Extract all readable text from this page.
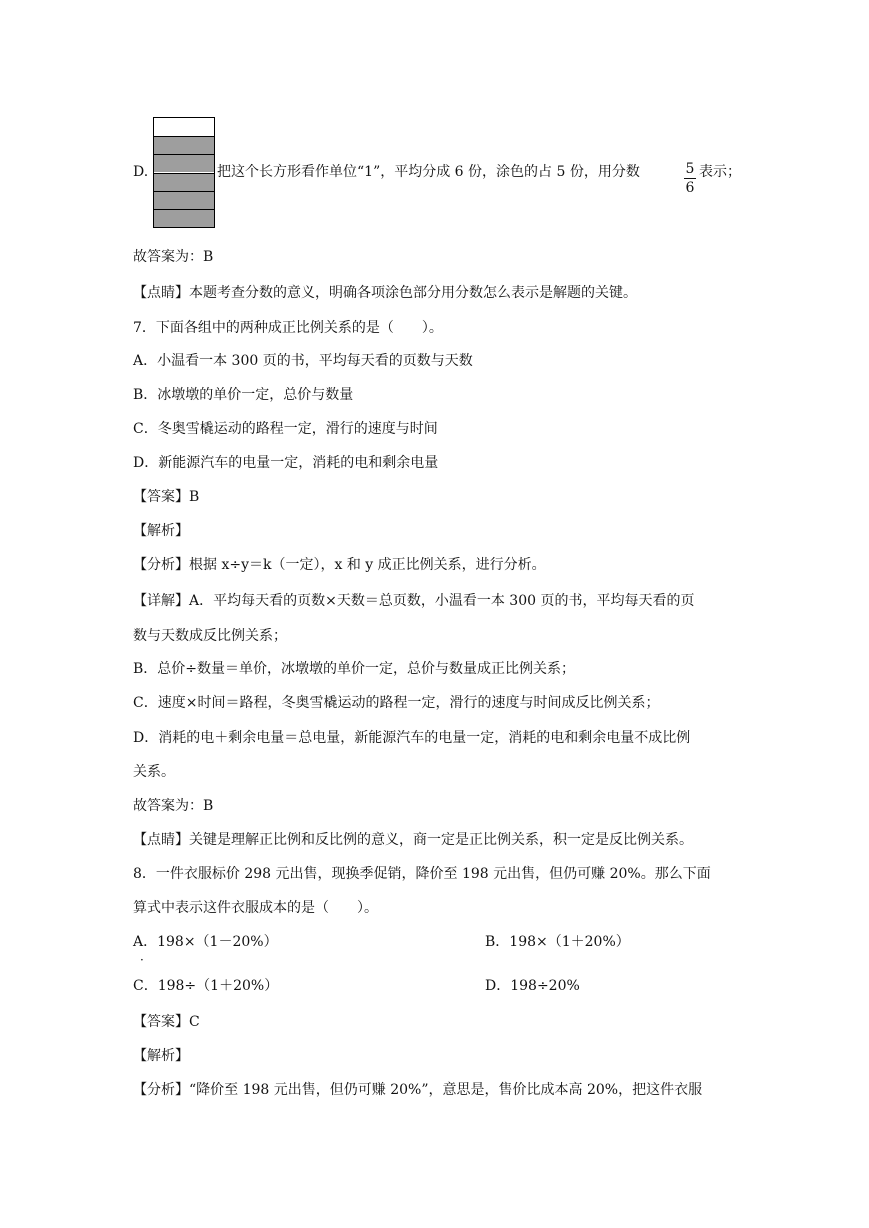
D.	把这个长方形看作单位“1”，平均分成 6 份，涂色的占 5 份，用分数	$\frac{5}{6}$ 表示；
故答案为：B
【点睛】本题考查分数的意义，明确各项涂色部分用分数怎么表示是解题的关键。
7．下面各组中的两种成正比例关系的是（　　）。
A．小温看一本 300 页的书，平均每天看的页数与天数
B．冰墩墩的单价一定，总价与数量
C．冬奥雪橇运动的路程一定，滑行的速度与时间
D．新能源汽车的电量一定，消耗的电和剩余电量
【答案】B
【解析】
【分析】根据 x÷y＝k（一定），x 和 y 成正比例关系，进行分析。
【详解】A．平均每天看的页数×天数＝总页数，小温看一本 300 页的书，平均每天看的页
数与天数成反比例关系；
B．总价÷数量＝单价，冰墩墩的单价一定，总价与数量成正比例关系；
C．速度×时间＝路程，冬奥雪橇运动的路程一定，滑行的速度与时间成反比例关系；
D．消耗的电＋剩余电量＝总电量，新能源汽车的电量一定，消耗的电和剩余电量不成比例
关系。
故答案为：B
【点睛】关键是理解正比例和反比例的意义，商一定是正比例关系，积一定是反比例关系。
8．一件衣服标价 298 元出售，现换季促销，降价至 198 元出售，但仍可赚 20%。那么下面
算式中表示这件衣服成本的是（　　）。
A．198×（1－20%）	B．198×（1＋20%）
·
C．198÷（1＋20%）	D．198÷20%
【答案】C
【解析】
【分析】“降价至 198 元出售，但仍可赚 20%”，意思是，售价比成本高 20%，把这件衣服
